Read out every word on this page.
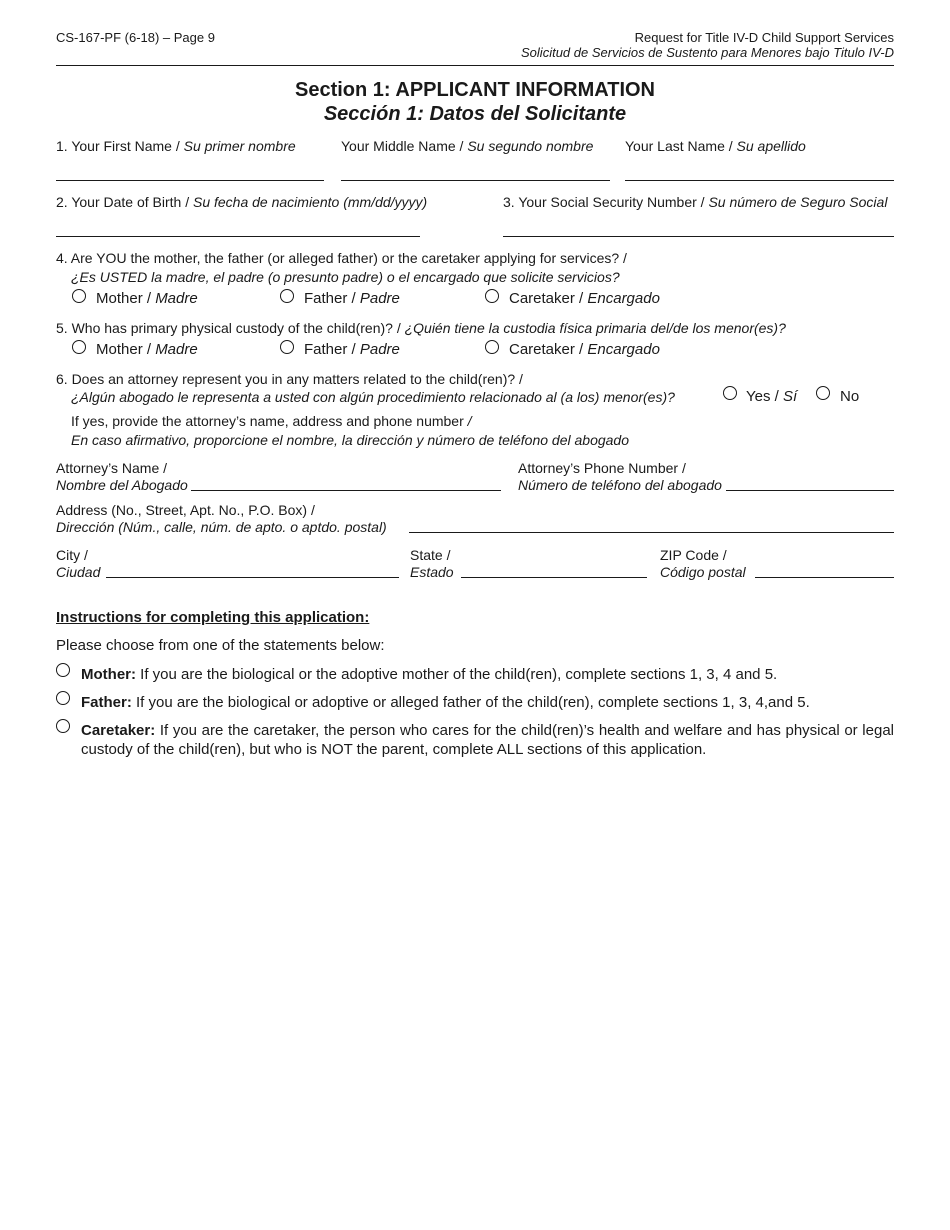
CS-167-PF (6-18) – Page 9	Request for Title IV-D Child Support Services
Solicitud de Servicios de Sustento para Menores bajo Titulo IV-D
Section 1: APPLICANT INFORMATION
Sección 1: Datos del Solicitante
1. Your First Name / Su primer nombre	Your Middle Name / Su segundo nombre Your Last Name / Su apellido
2. Your Date of Birth / Su fecha de nacimiento (mm/dd/yyyy)	3. Your Social Security Number / Su número de Seguro Social
4. Are YOU the mother, the father (or alleged father) or the caretaker applying for services? /
¿Es USTED la madre, el padre (o presunto padre) o el encargado que solicite servicios?
Mother / Madre	Father / Padre	Caretaker / Encargado
5. Who has primary physical custody of the child(ren)? / ¿Quién tiene la custodia física primaria del/de los menor(es)?
Mother / Madre	Father / Padre	Caretaker / Encargado
6. Does an attorney represent you in any matters related to the child(ren)? /
¿Algún abogado le representa a usted con algún procedimiento relacionado al (a los) menor(es)?	Yes / Sí	No
If yes, provide the attorney’s name, address and phone number /
En caso afirmativo, proporcione el nombre, la dirección y número de teléfono del abogado
Attorney’s Name /
Nombre del Abogado
Attorney’s Phone Number /
Número de teléfono del abogado
Address (No., Street, Apt. No., P.O. Box) /
Dirección (Núm., calle, núm. de apto. o aptdo. postal)
City /
Ciudad
State /
Estado
ZIP Code /
Código postal
Instructions for completing this application:
Please choose from one of the statements below:
Mother: If you are the biological or the adoptive mother of the child(ren), complete sections 1, 3, 4 and 5.
Father: If you are the biological or adoptive or alleged father of the child(ren), complete sections 1, 3, 4,and 5.
Caretaker: If you are the caretaker, the person who cares for the child(ren)’s health and welfare and has physical or legal custody of the child(ren), but who is NOT the parent, complete ALL sections of this application.
